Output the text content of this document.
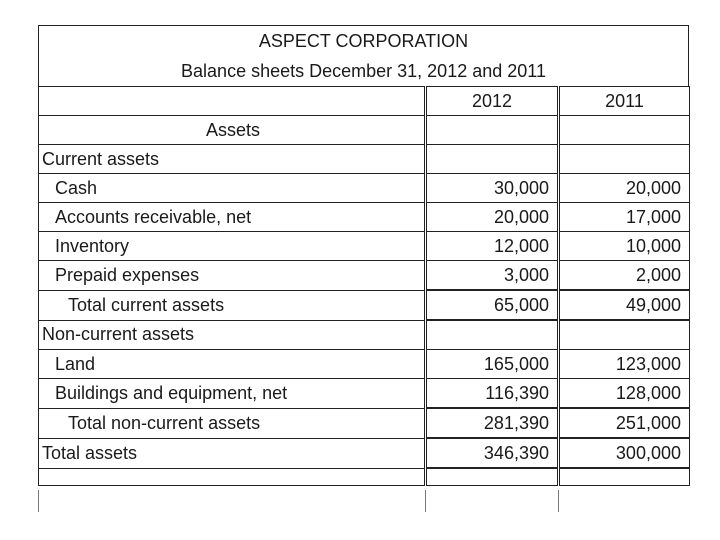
ASPECT CORPORATION
Balance sheets December 31, 2012 and 2011
	2012	2011
Assets		
Current assets		
Cash	30,000	20,000
Accounts receivable, net	20,000	17,000
Inventory	12,000	10,000
Prepaid expenses	3,000	2,000
Total current assets	65,000	49,000
Non-current assets		
Land	165,000	123,000
Buildings and equipment, net	116,390	128,000
Total non-current assets	281,390	251,000
Total assets	346,390	300,000
